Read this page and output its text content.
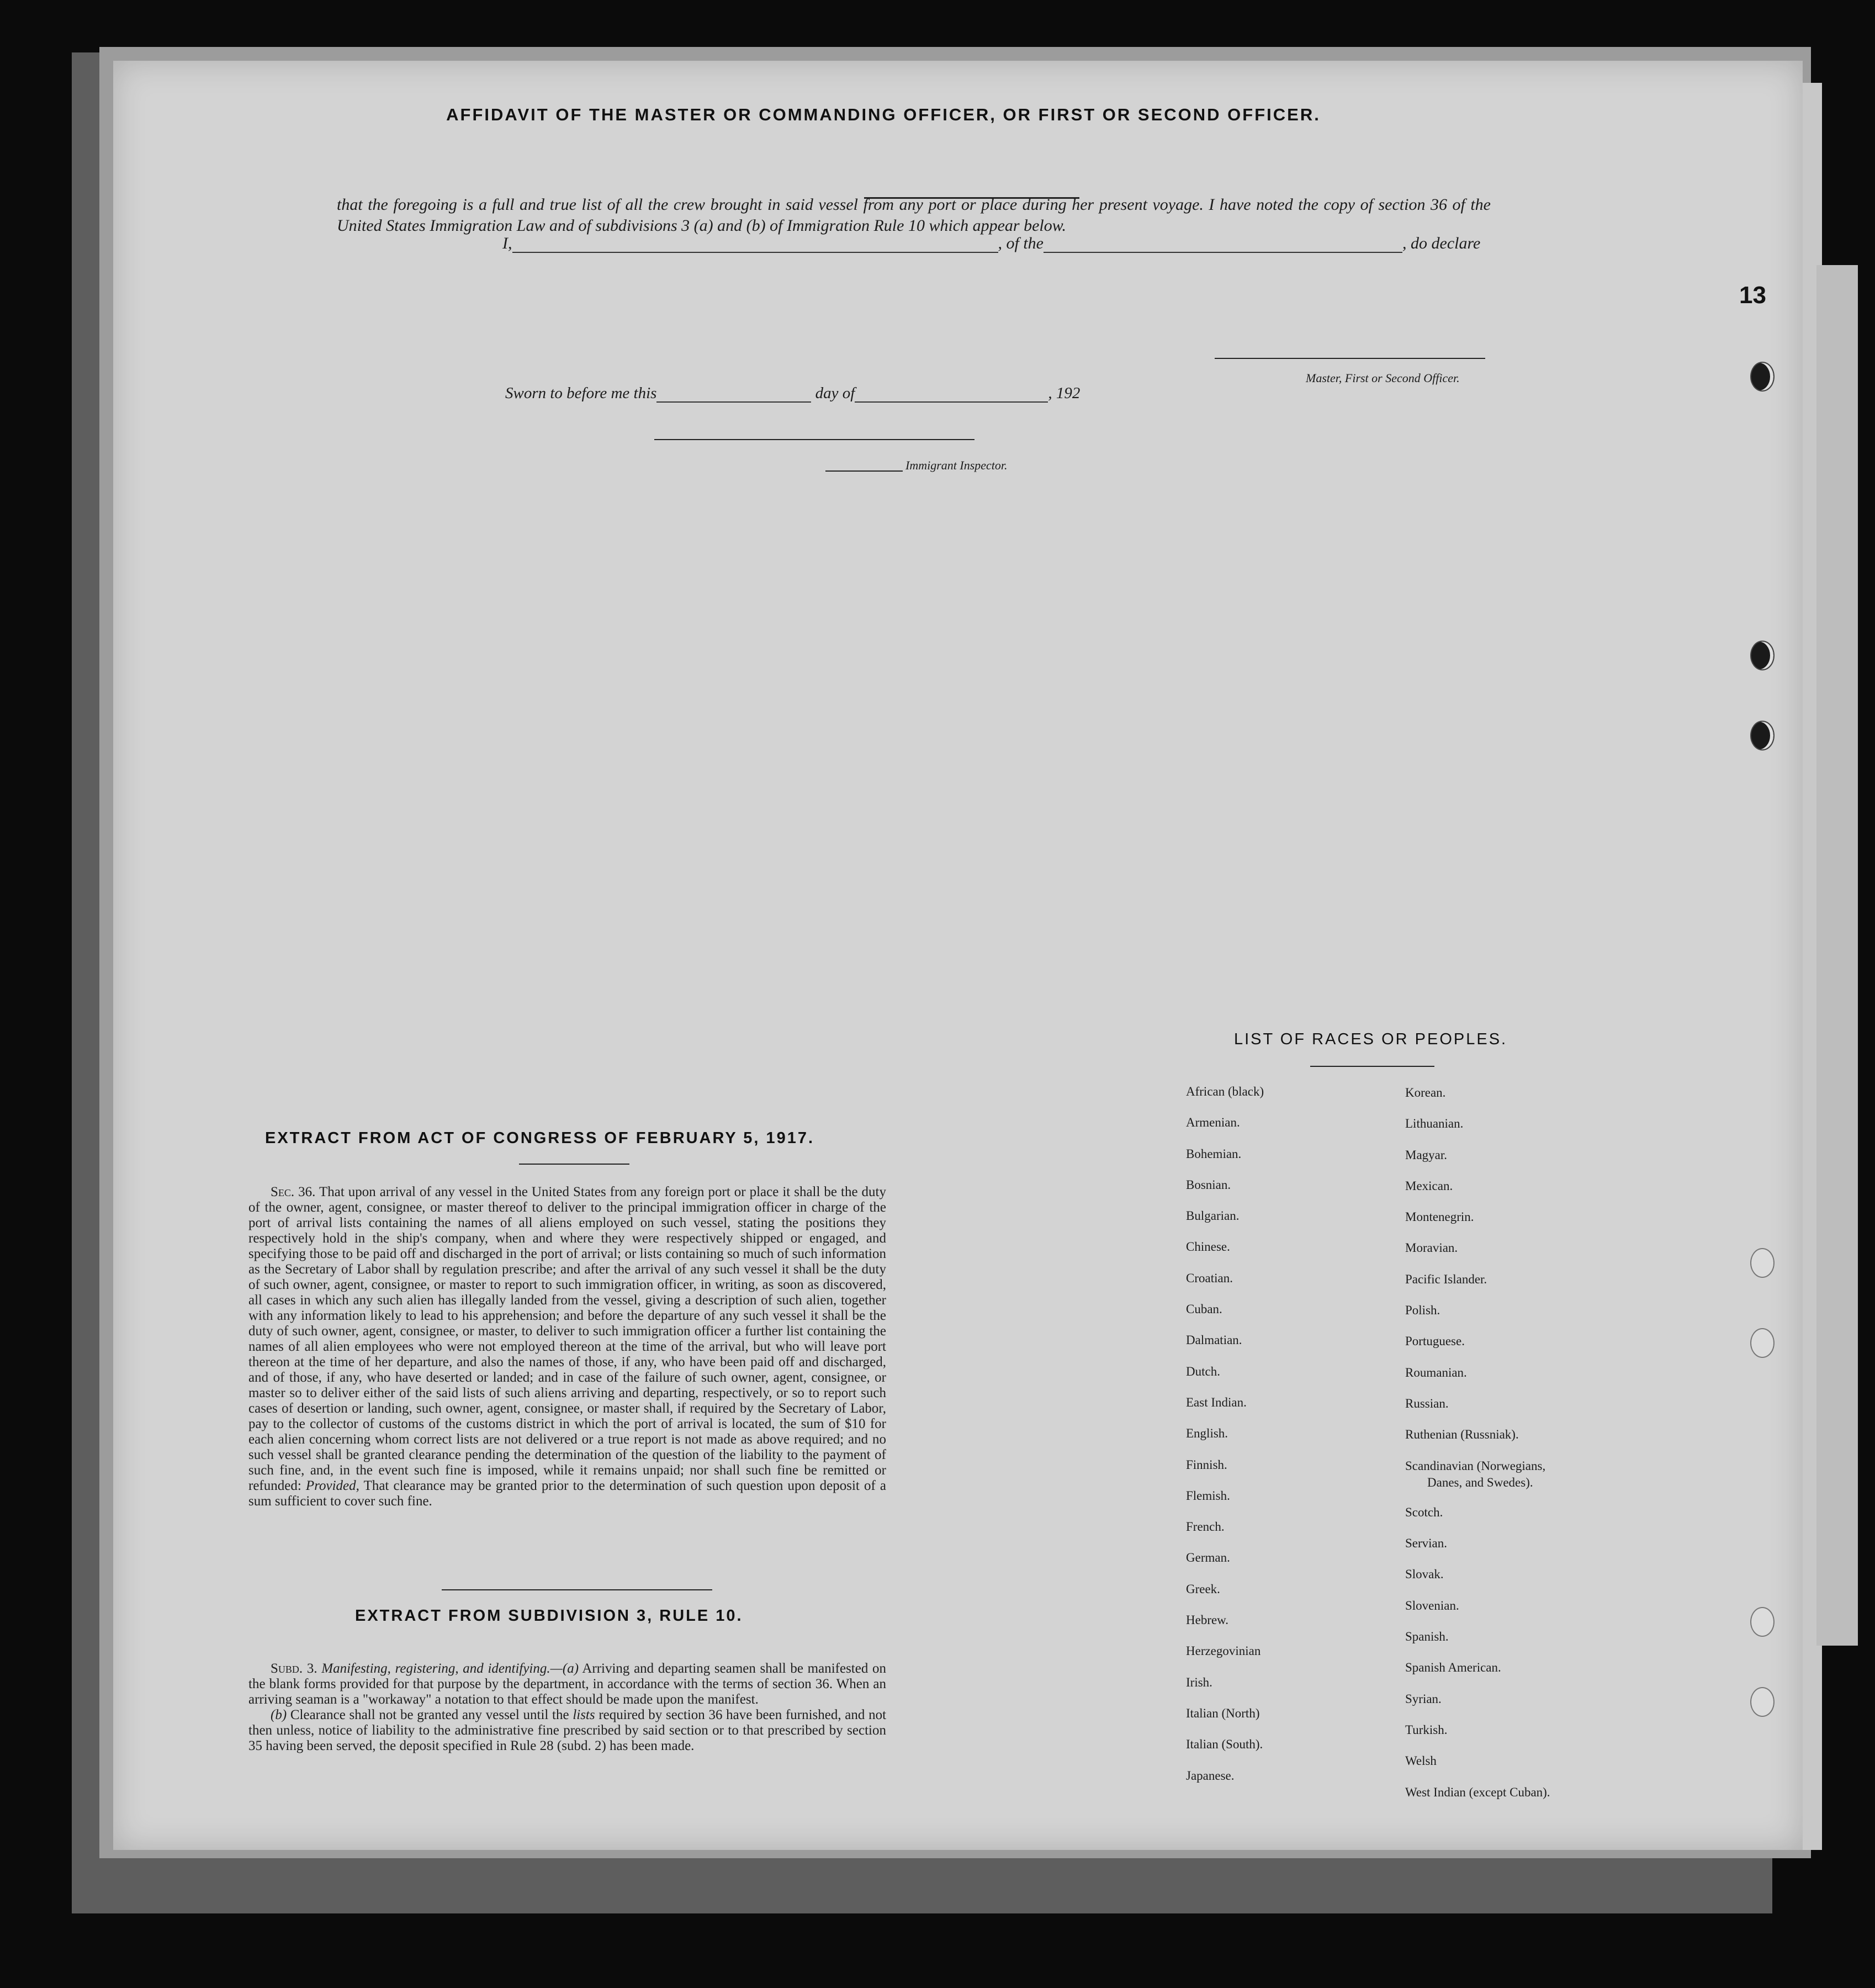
13
AFFIDAVIT OF THE MASTER OR COMMANDING OFFICER, OR FIRST OR SECOND OFFICER.
I,	, of the	, do declare
that the foregoing is a full and true list of all the crew brought in said vessel from any port or place during her present voyage. I have noted the copy of section 36 of the United States Immigration Law and of subdivisions 3 (a) and (b) of Immigration Rule 10 which appear below.
Master, First or Second Officer.
Sworn to before me this	day of	, 192
Immigrant Inspector.
EXTRACT FROM ACT OF CONGRESS OF FEBRUARY 5, 1917.

Sec. 36. That upon arrival of any vessel in the United States from any foreign port or place it shall be the duty of the owner, agent, consignee, or master thereof to deliver to the principal immigration officer in charge of the port of arrival lists containing the names of all aliens employed on such vessel, stating the positions they respectively hold in the ship's company, when and where they were respectively shipped or engaged, and specifying those to be paid off and discharged in the port of arrival; or lists containing so much of such information as the Secretary of Labor shall by regulation prescribe; and after the arrival of any such vessel it shall be the duty of such owner, agent, consignee, or master to report to such immigration officer, in writing, as soon as discovered, all cases in which any such alien has illegally landed from the vessel, giving a description of such alien, together with any information likely to lead to his apprehension; and before the departure of any such vessel it shall be the duty of such owner, agent, consignee, or master, to deliver to such immigration officer a further list containing the names of all alien employees who were not employed thereon at the time of the arrival, but who will leave port thereon at the time of her departure, and also the names of those, if any, who have been paid off and discharged, and of those, if any, who have deserted or landed; and in case of the failure of such owner, agent, consignee, or master so to deliver either of the said lists of such aliens arriving and departing, respectively, or so to report such cases of desertion or landing, such owner, agent, consignee, or master shall, if required by the Secretary of Labor, pay to the collector of customs of the customs district in which the port of arrival is located, the sum of $10 for each alien concerning whom correct lists are not delivered or a true report is not made as above required; and no such vessel shall be granted clearance pending the determination of the question of the liability to the payment of such fine, and, in the event such fine is imposed, while it remains unpaid; nor shall such fine be remitted or refunded: Provided, That clearance may be granted prior to the determination of such question upon deposit of a sum sufficient to cover such fine.

EXTRACT FROM SUBDIVISION 3, RULE 10.

Subd. 3. Manifesting, registering, and identifying.—(a) Arriving and departing seamen shall be manifested on the blank forms provided for that purpose by the department, in accordance with the terms of section 36. When an arriving seaman is a "workaway" a notation to that effect should be made upon the manifest.

(b) Clearance shall not be granted any vessel until the lists required by section 36 have been furnished, and not then unless, notice of liability to the administrative fine prescribed by said section or to that prescribed by section 35 having been served, the deposit specified in Rule 28 (subd. 2) has been made.

LIST OF RACES OR PEOPLES.
African (black)
Armenian.
Bohemian.
Bosnian.
Bulgarian.
Chinese.
Croatian.
Cuban.
Dalmatian.
Dutch.
East Indian.
English.
Finnish.
Flemish.
French.
German.
Greek.
Hebrew.
Herzegovinian
Irish.
Italian (North)
Italian (South).
Japanese.
Korean.
Lithuanian.
Magyar.
Mexican.
Montenegrin.
Moravian.
Pacific Islander.
Polish.
Portuguese.
Roumanian.
Russian.
Ruthenian (Russniak).
Scandinavian (Norwegians,
Danes, and Swedes).
Scotch.
Servian.
Slovak.
Slovenian.
Spanish.
Spanish American.
Syrian.
Turkish.
Welsh
West Indian (except Cuban).
